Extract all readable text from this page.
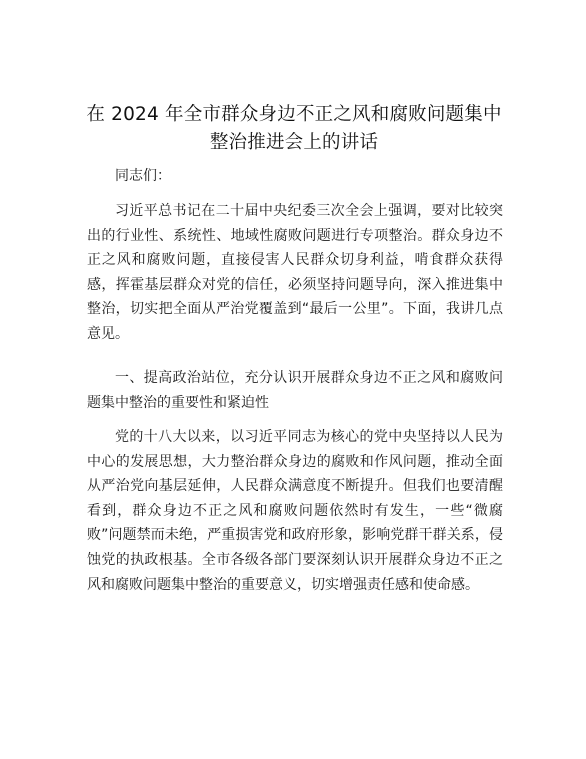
在 2024 年全市群众身边不正之风和腐败问题集中整治推进会上的讲话

同志们：

习近平总书记在二十届中央纪委三次全会上强调，要对比较突出的行业性、系统性、地域性腐败问题进行专项整治。群众身边不正之风和腐败问题，直接侵害人民群众切身利益，啃食群众获得感，挥霍基层群众对党的信任，必须坚持问题导向，深入推进集中整治，切实把全面从严治党覆盖到“最后一公里”。下面，我讲几点意见。

一、提高政治站位，充分认识开展群众身边不正之风和腐败问题集中整治的重要性和紧迫性

党的十八大以来，以习近平同志为核心的党中央坚持以人民为中心的发展思想，大力整治群众身边的腐败和作风问题，推动全面从严治党向基层延伸，人民群众满意度不断提升。但我们也要清醒看到，群众身边不正之风和腐败问题依然时有发生，一些“微腐败”问题禁而未绝，严重损害党和政府形象，影响党群干群关系，侵蚀党的执政根基。全市各级各部门要深刻认识开展群众身边不正之风和腐败问题集中整治的重要意义，切实增强责任感和使命感。
